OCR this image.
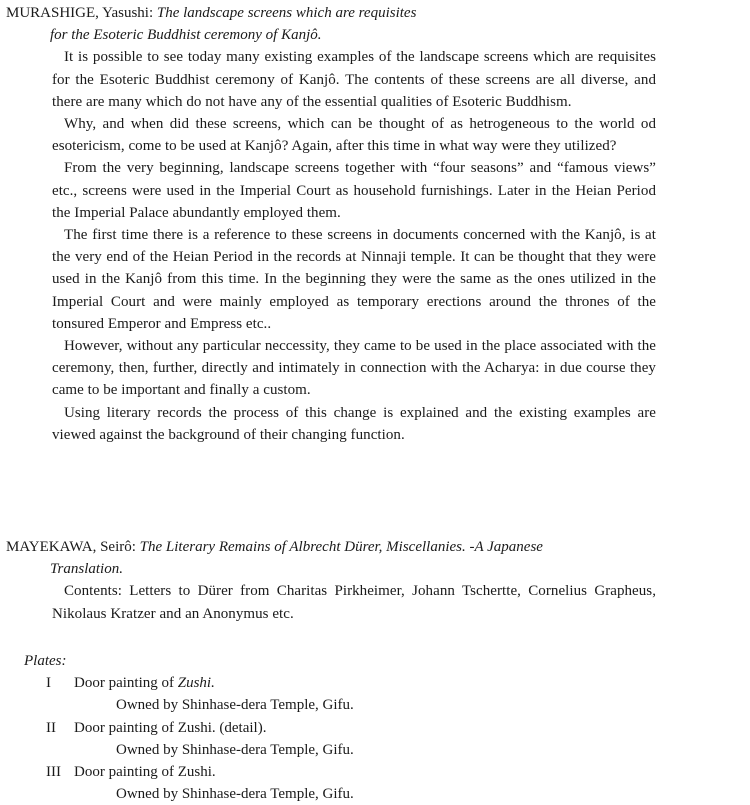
MURASHIGE, Yasushi: The landscape screens which are requisites
for the Esoteric Buddhist ceremony of Kanjô.

It is possible to see today many existing examples of the landscape screens which are requisites for the Esoteric Buddhist ceremony of Kanjô. The contents of these screens are all diverse, and there are many which do not have any of the essential qualities of Esoteric Buddhism.

Why, and when did these screens, which can be thought of as hetrogeneous to the world od esotericism, come to be used at Kanjô? Again, after this time in what way were they utilized?

From the very beginning, landscape screens together with “four seasons” and “famous views” etc., screens were used in the Imperial Court as household furnishings. Later in the Heian Period the Imperial Palace abundantly employed them.

The first time there is a reference to these screens in documents concerned with the Kanjô, is at the very end of the Heian Period in the records at Ninnaji temple. It can be thought that they were used in the Kanjô from this time. In the beginning they were the same as the ones utilized in the Imperial Court and were mainly employed as temporary erections around the thrones of the tonsured Emperor and Empress etc..

However, without any particular neccessity, they came to be used in the place associated with the ceremony, then, further, directly and intimately in connection with the Acharya: in due course they came to be important and finally a custom.

Using literary records the process of this change is explained and the existing examples are viewed against the background of their changing function.

MAYEKAWA, Seirô: The Literary Remains of Albrecht Dürer, Miscellanies. -A Japanese
Translation.

Contents: Letters to Dürer from Charitas Pirkheimer, Johann Tschertte, Cornelius Grapheus, Nikolaus Kratzer and an Anonymus etc.

Plates:
I	Door painting of Zushi.
Owned by Shinhase-dera Temple, Gifu.
II	Door painting of Zushi. (detail).
Owned by Shinhase-dera Temple, Gifu.
III Door painting of Zushi.
Owned by Shinhase-dera Temple, Gifu.
